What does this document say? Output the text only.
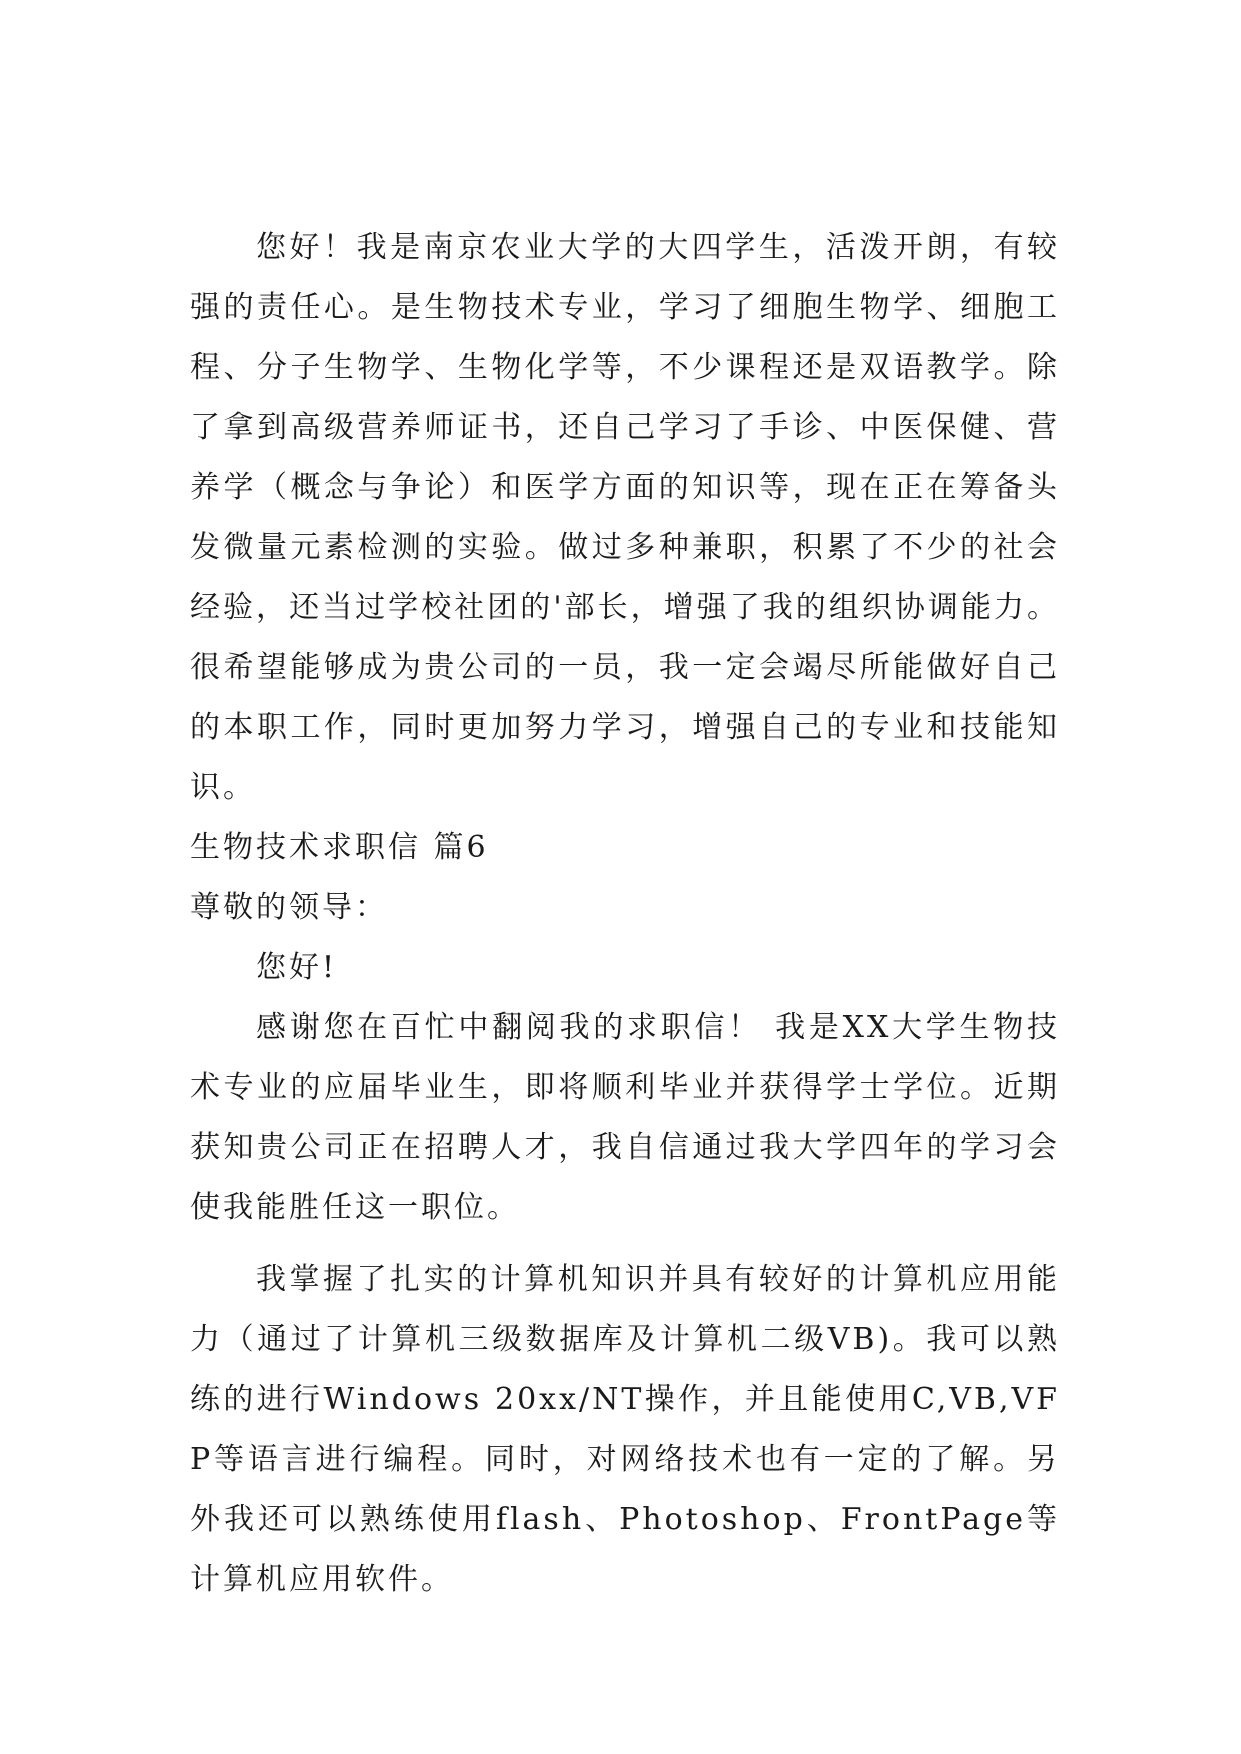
您好！我是南京农业大学的大四学生，活泼开朗，有较强的责任心。是生物技术专业，学习了细胞生物学、细胞工程、分子生物学、生物化学等，不少课程还是双语教学。除了拿到高级营养师证书，还自己学习了手诊、中医保健、营养学（概念与争论）和医学方面的知识等，现在正在筹备头发微量元素检测的实验。做过多种兼职，积累了不少的社会经验，还当过学校社团的'部长，增强了我的组织协调能力。很希望能够成为贵公司的一员，我一定会竭尽所能做好自己的本职工作，同时更加努力学习，增强自己的专业和技能知识。

生物技术求职信 篇6

尊敬的领导：

您好!

感谢您在百忙中翻阅我的求职信！ 我是XX大学生物技术专业的应届毕业生，即将顺利毕业并获得学士学位。近期获知贵公司正在招聘人才，我自信通过我大学四年的学习会使我能胜任这一职位。

我掌握了扎实的计算机知识并具有较好的计算机应用能力（通过了计算机三级数据库及计算机二级VB)。我可以熟练的进行Windows 20xx/NT操作，并且能使用C,VB,VFP等语言进行编程。同时，对网络技术也有一定的了解。另外我还可以熟练使用flash、Photoshop、FrontPage等计算机应用软件。
